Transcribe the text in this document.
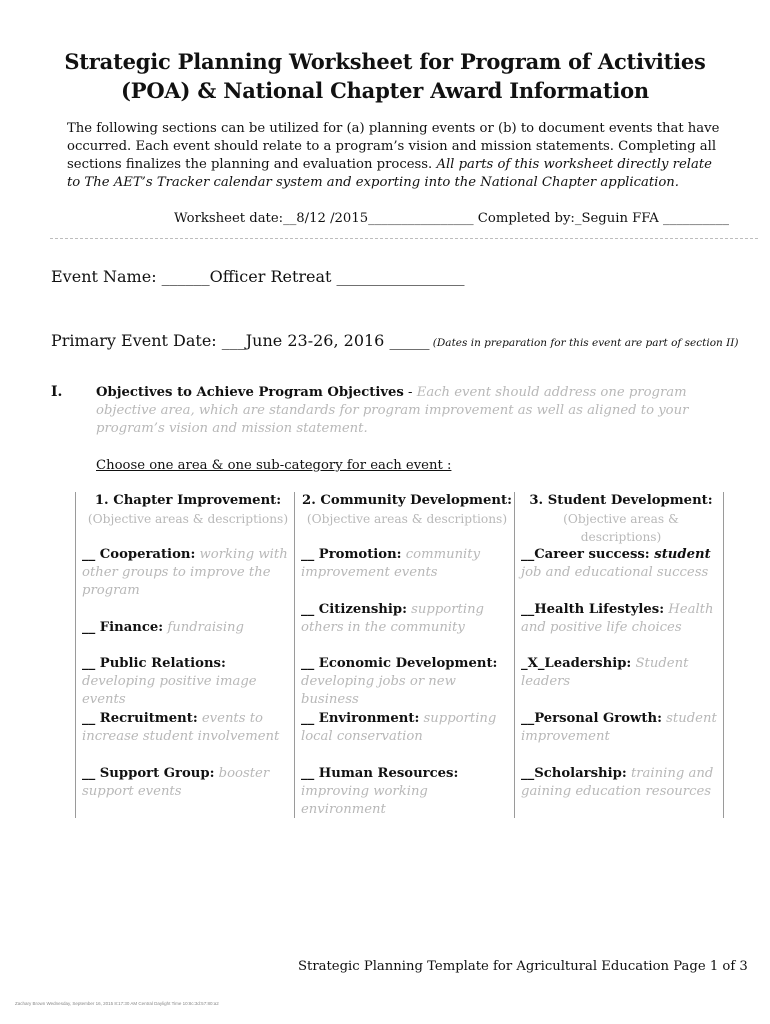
Strategic Planning Worksheet for Program of Activities
(POA) & National Chapter Award Information
The following sections can be utilized for (a) planning events or (b) to document events that have occurred. Each event should relate to a program’s vision and mission statements. Completing all sections finalizes the planning and evaluation process. All parts of this worksheet directly relate to The AET’s Tracker calendar system and exporting into the National Chapter application.
Worksheet date:__8/12 /2015________________ Completed by:_Seguin FFA __________
Event Name: ______Officer Retreat ________________
Primary Event Date: ___June 23-26, 2016 _____ (Dates in preparation for this event are part of section II)
I.	Objectives to Achieve Program Objectives - Each event should address one program objective area, which are standards for program improvement as well as aligned to your program’s vision and mission statement.
Choose one area & one sub-category for each event :
1. Chapter Improvement:
(Objective areas & descriptions)
__ Cooperation: working with other groups to improve the program
__ Finance: fundraising
__ Public Relations: developing positive image events
__ Recruitment: events to increase student involvement
__ Support Group: booster support events
2. Community Development:
(Objective areas & descriptions)
__ Promotion: community improvement events
__ Citizenship: supporting others in the community
__ Economic Development: developing jobs or new business
__ Environment: supporting local conservation
__ Human Resources: improving working environment
3. Student Development:
(Objective areas & descriptions)
__Career success: student job and educational success
__Health Lifestyles: Health and positive life choices
_X_Leadership: Student leaders
__Personal Growth: student improvement
__Scholarship: training and gaining education resources
Strategic Planning Template for Agricultural Education Page 1 of 3
Zachary Brown Wednesday, September 16, 2015 8:17:30 AM Central Daylight Time 10:8c:3d:57:80:a2
